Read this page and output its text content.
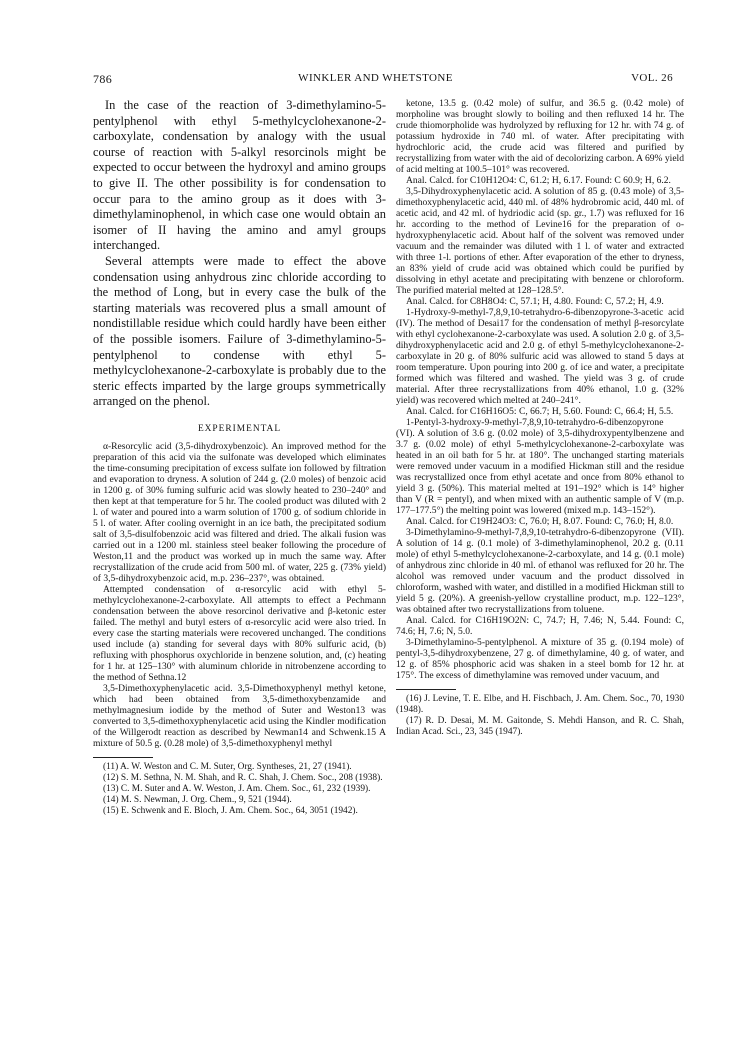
786	WINKLER AND WHETSTONE	VOL. 26

In the case of the reaction of 3-dimethylamino-5-pentylphenol with ethyl 5-methylcyclohexanone-2-carboxylate, condensation by analogy with the usual course of reaction with 5-alkyl resorcinols might be expected to occur between the hydroxyl and amino groups to give II. The other possibility is for condensation to occur para to the amino group as it does with 3-dimethylaminophenol, in which case one would obtain an isomer of II having the amino and amyl groups interchanged.

Several attempts were made to effect the above condensation using anhydrous zinc chloride according to the method of Long, but in every case the bulk of the starting materials was recovered plus a small amount of nondistillable residue which could hardly have been either of the possible isomers. Failure of 3-dimethylamino-5-pentylphenol to condense with ethyl 5-methylcyclohexanone-2-carboxylate is probably due to the steric effects imparted by the large groups symmetrically arranged on the phenol.

EXPERIMENTAL

α-Resorcylic acid (3,5-dihydroxybenzoic). An improved method for the preparation of this acid via the sulfonate was developed which eliminates the time-consuming precipitation of excess sulfate ion followed by filtration and evaporation to dryness. A solution of 244 g. (2.0 moles) of benzoic acid in 1200 g. of 30% fuming sulfuric acid was slowly heated to 230–240° and then kept at that temperature for 5 hr. The cooled product was diluted with 2 l. of water and poured into a warm solution of 1700 g. of sodium chloride in 5 l. of water. After cooling overnight in an ice bath, the precipitated sodium salt of 3,5-disulfobenzoic acid was filtered and dried. The alkali fusion was carried out in a 1200 ml. stainless steel beaker following the procedure of Weston,11 and the product was worked up in much the same way. After recrystallization of the crude acid from 500 ml. of water, 225 g. (73% yield) of 3,5-dihydroxybenzoic acid, m.p. 236–237°, was obtained.

Attempted condensation of α-resorcylic acid with ethyl 5-methylcyclohexanone-2-carboxylate. All attempts to effect a Pechmann condensation between the above resorcinol derivative and β-ketonic ester failed. The methyl and butyl esters of α-resorcylic acid were also tried. In every case the starting materials were recovered unchanged. The conditions used include (a) standing for several days with 80% sulfuric acid, (b) refluxing with phosphorus oxychloride in benzene solution, and, (c) heating for 1 hr. at 125–130° with aluminum chloride in nitrobenzene according to the method of Sethna.12

3,5-Dimethoxyphenylacetic acid. 3,5-Dimethoxyphenyl methyl ketone, which had been obtained from 3,5-dimethoxybenzamide and methylmagnesium iodide by the method of Suter and Weston13 was converted to 3,5-dimethoxyphenylacetic acid using the Kindler modification of the Willgerodt reaction as described by Newman14 and Schwenk.15 A mixture of 50.5 g. (0.28 mole) of 3,5-dimethoxyphenyl methyl

(11) A. W. Weston and C. M. Suter, Org. Syntheses, 21, 27 (1941).

(12) S. M. Sethna, N. M. Shah, and R. C. Shah, J. Chem. Soc., 208 (1938).

(13) C. M. Suter and A. W. Weston, J. Am. Chem. Soc., 61, 232 (1939).

(14) M. S. Newman, J. Org. Chem., 9, 521 (1944).

(15) E. Schwenk and E. Bloch, J. Am. Chem. Soc., 64, 3051 (1942).

ketone, 13.5 g. (0.42 mole) of sulfur, and 36.5 g. (0.42 mole) of morpholine was brought slowly to boiling and then refluxed 14 hr. The crude thiomorpholide was hydrolyzed by refluxing for 12 hr. with 74 g. of potassium hydroxide in 740 ml. of water. After precipitating with hydrochloric acid, the crude acid was filtered and purified by recrystallizing from water with the aid of decolorizing carbon. A 69% yield of acid melting at 100.5–101° was recovered.

Anal. Calcd. for C10H12O4: C, 61.2; H, 6.17. Found: C 60.9; H, 6.2.

3,5-Dihydroxyphenylacetic acid. A solution of 85 g. (0.43 mole) of 3,5-dimethoxyphenylacetic acid, 440 ml. of 48% hydrobromic acid, 440 ml. of acetic acid, and 42 ml. of hydriodic acid (sp. gr., 1.7) was refluxed for 16 hr. according to the method of Levine16 for the preparation of o-hydroxyphenylacetic acid. About half of the solvent was removed under vacuum and the remainder was diluted with 1 l. of water and extracted with three 1-l. portions of ether. After evaporation of the ether to dryness, an 83% yield of crude acid was obtained which could be purified by dissolving in ethyl acetate and precipitating with benzene or chloroform. The purified material melted at 128–128.5°.

Anal. Calcd. for C8H8O4: C, 57.1; H, 4.80. Found: C, 57.2; H, 4.9.

1-Hydroxy-9-methyl-7,8,9,10-tetrahydro-6-dibenzopyrone-3-acetic acid (IV). The method of Desai17 for the condensation of methyl β-resorcylate with ethyl cyclohexanone-2-carboxylate was used. A solution 2.0 g. of 3,5-dihydroxyphenylacetic acid and 2.0 g. of ethyl 5-methylcyclohexanone-2-carboxylate in 20 g. of 80% sulfuric acid was allowed to stand 5 days at room temperature. Upon pouring into 200 g. of ice and water, a precipitate formed which was filtered and washed. The yield was 3 g. of crude material. After three recrystallizations from 40% ethanol, 1.0 g. (32% yield) was recovered which melted at 240–241°.

Anal. Calcd. for C16H16O5: C, 66.7; H, 5.60. Found: C, 66.4; H, 5.5.

1-Pentyl-3-hydroxy-9-methyl-7,8,9,10-tetrahydro-6-dibenzopyrone (VI). A solution of 3.6 g. (0.02 mole) of 3,5-dihydroxypentylbenzene and 3.7 g. (0.02 mole) of ethyl 5-methylcyclohexanone-2-carboxylate was heated in an oil bath for 5 hr. at 180°. The unchanged starting materials were removed under vacuum in a modified Hickman still and the residue was recrystallized once from ethyl acetate and once from 80% ethanol to yield 3 g. (50%). This material melted at 191–192° which is 14° higher than V (R = pentyl), and when mixed with an authentic sample of V (m.p. 177–177.5°) the melting point was lowered (mixed m.p. 143–152°).

Anal. Calcd. for C19H24O3: C, 76.0; H, 8.07. Found: C, 76.0; H, 8.0.

3-Dimethylamino-9-methyl-7,8,9,10-tetrahydro-6-dibenzopyrone (VII). A solution of 14 g. (0.1 mole) of 3-dimethylaminophenol, 20.2 g. (0.11 mole) of ethyl 5-methylcyclohexanone-2-carboxylate, and 14 g. (0.1 mole) of anhydrous zinc chloride in 40 ml. of ethanol was refluxed for 20 hr. The alcohol was removed under vacuum and the product dissolved in chloroform, washed with water, and distilled in a modified Hickman still to yield 5 g. (20%). A greenish-yellow crystalline product, m.p. 122–123°, was obtained after two recrystallizations from toluene.

Anal. Calcd. for C16H19O2N: C, 74.7; H, 7.46; N, 5.44. Found: C, 74.6; H, 7.6; N, 5.0.

3-Dimethylamino-5-pentylphenol. A mixture of 35 g. (0.194 mole) of pentyl-3,5-dihydroxybenzene, 27 g. of dimethylamine, 40 g. of water, and 12 g. of 85% phosphoric acid was shaken in a steel bomb for 12 hr. at 175°. The excess of dimethylamine was removed under vacuum, and

(16) J. Levine, T. E. Elbe, and H. Fischbach, J. Am. Chem. Soc., 70, 1930 (1948).

(17) R. D. Desai, M. M. Gaitonde, S. Mehdi Hanson, and R. C. Shah, Indian Acad. Sci., 23, 345 (1947).
